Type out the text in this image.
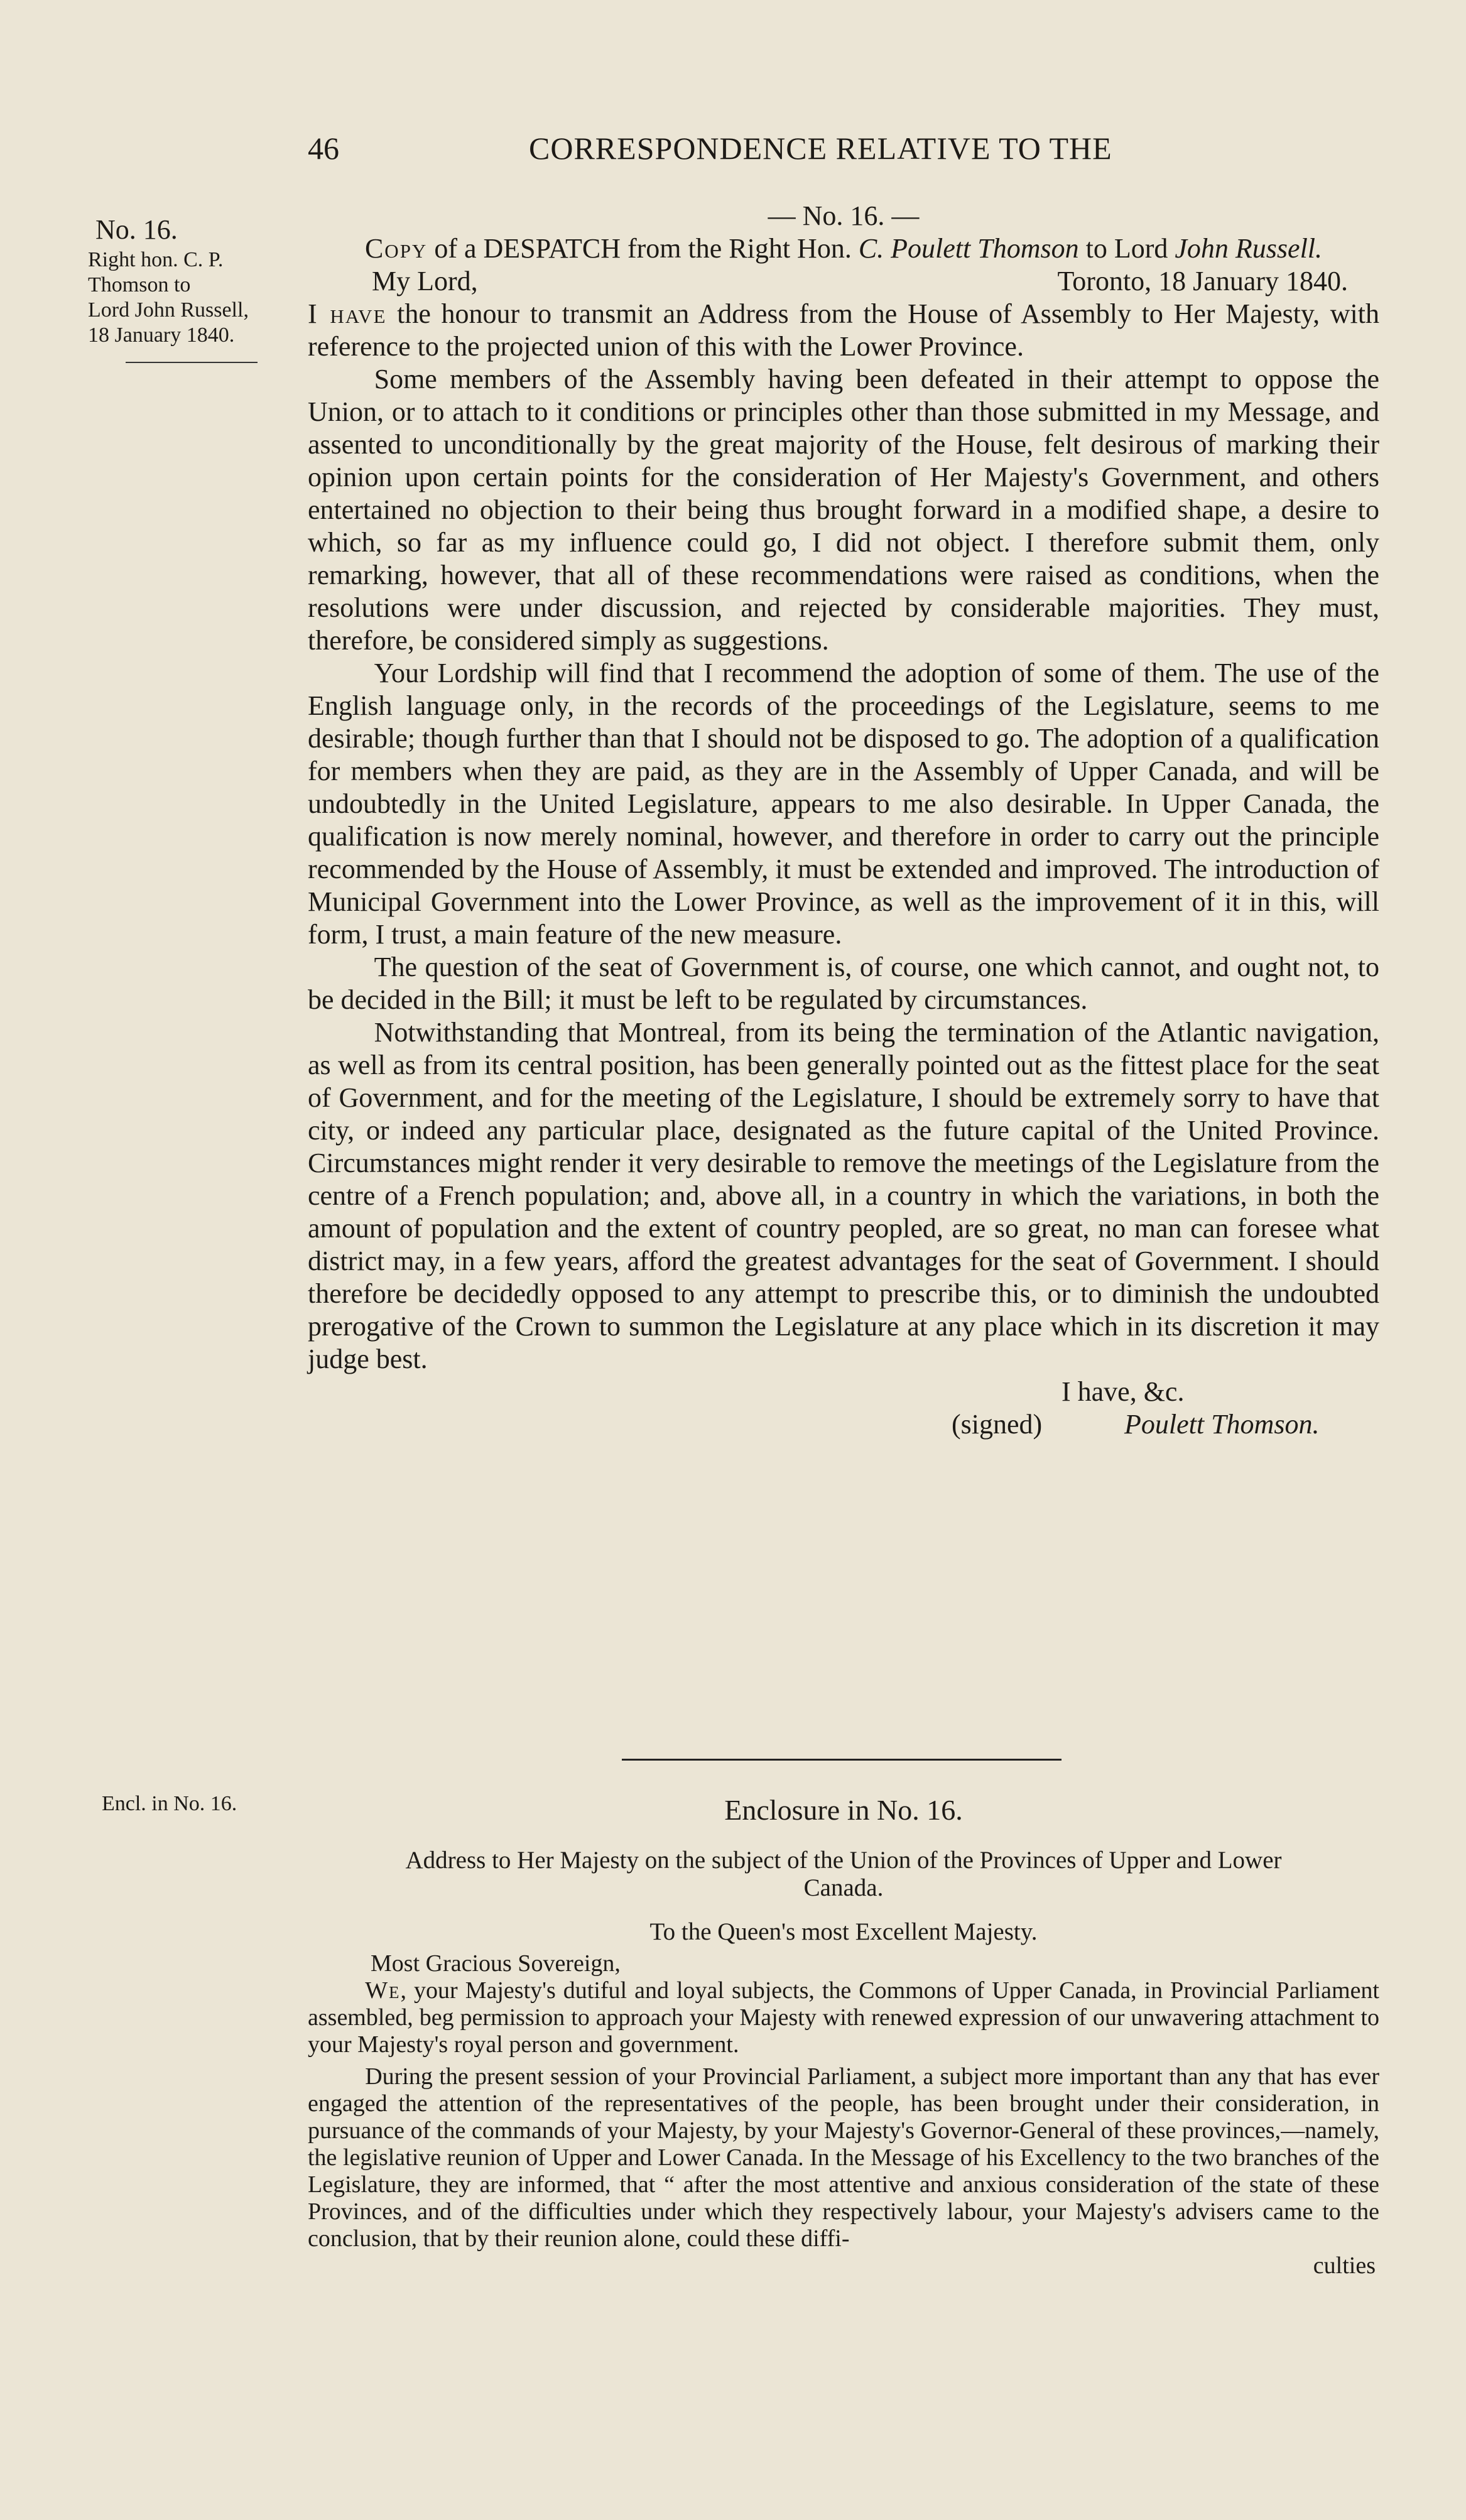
46	CORRESPONDENCE RELATIVE TO THE
No. 16.
Right hon. C. P.
Thomson to
Lord John Russell,
18 January 1840.
Encl. in No. 16.
— No. 16. —

Copy of a DESPATCH from the Right Hon. C. Poulett Thomson to Lord John Russell.

My Lord,	Toronto, 18 January 1840.

I have the honour to transmit an Address from the House of Assembly to Her Majesty, with reference to the projected union of this with the Lower Province.

Some members of the Assembly having been defeated in their attempt to oppose the Union, or to attach to it conditions or principles other than those submitted in my Message, and assented to unconditionally by the great majority of the House, felt desirous of marking their opinion upon certain points for the consideration of Her Majesty's Government, and others entertained no objection to their being thus brought forward in a modified shape, a desire to which, so far as my influence could go, I did not object. I therefore submit them, only remarking, however, that all of these recommendations were raised as conditions, when the resolutions were under discussion, and rejected by considerable majorities. They must, therefore, be considered simply as suggestions.

Your Lordship will find that I recommend the adoption of some of them. The use of the English language only, in the records of the proceedings of the Legislature, seems to me desirable; though further than that I should not be disposed to go. The adoption of a qualification for members when they are paid, as they are in the Assembly of Upper Canada, and will be undoubtedly in the United Legislature, appears to me also desirable. In Upper Canada, the qualification is now merely nominal, however, and therefore in order to carry out the principle recommended by the House of Assembly, it must be extended and improved. The introduction of Municipal Government into the Lower Province, as well as the improvement of it in this, will form, I trust, a main feature of the new measure.

The question of the seat of Government is, of course, one which cannot, and ought not, to be decided in the Bill; it must be left to be regulated by circumstances.

Notwithstanding that Montreal, from its being the termination of the Atlantic navigation, as well as from its central position, has been generally pointed out as the fittest place for the seat of Government, and for the meeting of the Legislature, I should be extremely sorry to have that city, or indeed any particular place, designated as the future capital of the United Province. Circumstances might render it very desirable to remove the meetings of the Legislature from the centre of a French population; and, above all, in a country in which the variations, in both the amount of population and the extent of country peopled, are so great, no man can foresee what district may, in a few years, afford the greatest advantages for the seat of Government. I should therefore be decidedly opposed to any attempt to prescribe this, or to diminish the undoubted prerogative of the Crown to summon the Legislature at any place which in its discretion it may judge best.

I have, &c.
(signed)	Poulett Thomson.
Enclosure in No. 16.
Address to Her Majesty on the subject of the Union of the Provinces of Upper and Lower Canada.
To the Queen's most Excellent Majesty.
Most Gracious Sovereign,

We, your Majesty's dutiful and loyal subjects, the Commons of Upper Canada, in Provincial Parliament assembled, beg permission to approach your Majesty with renewed expression of our unwavering attachment to your Majesty's royal person and government.

During the present session of your Provincial Parliament, a subject more important than any that has ever engaged the attention of the representatives of the people, has been brought under their consideration, in pursuance of the commands of your Majesty, by your Majesty's Governor-General of these provinces,—namely, the legislative reunion of Upper and Lower Canada. In the Message of his Excellency to the two branches of the Legislature, they are informed, that “ after the most attentive and anxious consideration of the state of these Provinces, and of the difficulties under which they respectively labour, your Majesty's advisers came to the conclusion, that by their reunion alone, could these diffi-

culties
